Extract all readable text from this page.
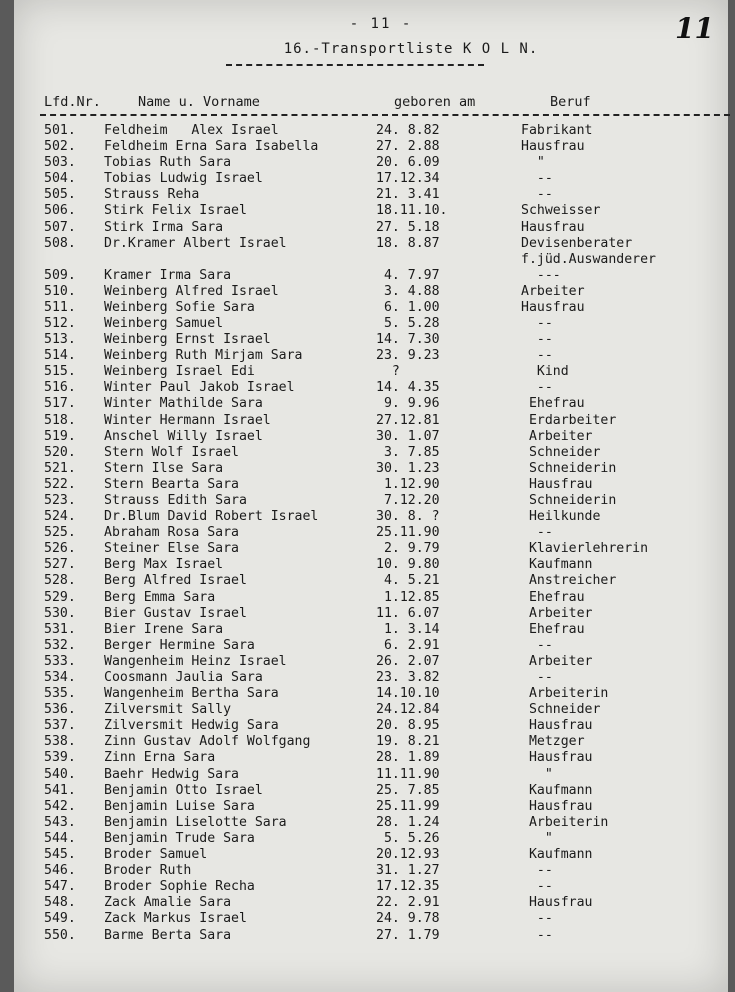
- 11 -	11
16.-Transportliste K O L N.
Lfd.Nr.	Name u. Vorname	geboren am	Beruf
501. Feldheim   Alex Israel	24. 8.82	Fabrikant
502. Feldheim Erna Sara Isabella	27. 2.88	Hausfrau
503. Tobias Ruth Sara	20. 6.09	"
504. Tobias Ludwig Israel	17.12.34	--
505. Strauss Reha	21. 3.41	--
506. Stirk Felix Israel	18.11.10.	Schweisser
507. Stirk Irma Sara	27. 5.18	Hausfrau
508. Dr.Kramer Albert Israel	18. 8.87	Devisenberater
f.jüd.Auswanderer
509. Kramer Irma Sara	4. 7.97	---
510. Weinberg Alfred Israel	3. 4.88	Arbeiter
511. Weinberg Sofie Sara	6. 1.00	Hausfrau
512. Weinberg Samuel	5. 5.28	--
513. Weinberg Ernst Israel	14. 7.30	--
514. Weinberg Ruth Mirjam Sara	23. 9.23	--
515. Weinberg Israel Edi	?	Kind
516. Winter Paul Jakob Israel	14. 4.35	--
517. Winter Mathilde Sara	9. 9.96	Ehefrau
518. Winter Hermann Israel	27.12.81	Erdarbeiter
519. Anschel Willy Israel	30. 1.07	Arbeiter
520. Stern Wolf Israel	3. 7.85	Schneider
521. Stern Ilse Sara	30. 1.23	Schneiderin
522. Stern Bearta Sara	1.12.90	Hausfrau
523. Strauss Edith Sara	7.12.20	Schneiderin
524. Dr.Blum David Robert Israel	30. 8. ?	Heilkunde
525. Abraham Rosa Sara	25.11.90	--
526. Steiner Else Sara	2. 9.79	Klavierlehrerin
527. Berg Max Israel	10. 9.80	Kaufmann
528. Berg Alfred Israel	4. 5.21	Anstreicher
529. Berg Emma Sara	1.12.85	Ehefrau
530. Bier Gustav Israel	11. 6.07	Arbeiter
531. Bier Irene Sara	1. 3.14	Ehefrau
532. Berger Hermine Sara	6. 2.91	--
533. Wangenheim Heinz Israel	26. 2.07	Arbeiter
534. Coosmann Jaulia Sara	23. 3.82	--
535. Wangenheim Bertha Sara	14.10.10	Arbeiterin
536. Zilversmit Sally	24.12.84	Schneider
537. Zilversmit Hedwig Sara	20. 8.95	Hausfrau
538. Zinn Gustav Adolf Wolfgang	19. 8.21	Metzger
539. Zinn Erna Sara	28. 1.89	Hausfrau
540. Baehr Hedwig Sara	11.11.90	"
541. Benjamin Otto Israel	25. 7.85	Kaufmann
542. Benjamin Luise Sara	25.11.99	Hausfrau
543. Benjamin Liselotte Sara	28. 1.24	Arbeiterin
544. Benjamin Trude Sara	5. 5.26	"
545. Broder Samuel	20.12.93	Kaufmann
546. Broder Ruth	31. 1.27	--
547. Broder Sophie Recha	17.12.35	--
548. Zack Amalie Sara	22. 2.91	Hausfrau
549. Zack Markus Israel	24. 9.78	--
550. Barme Berta Sara	27. 1.79	--
